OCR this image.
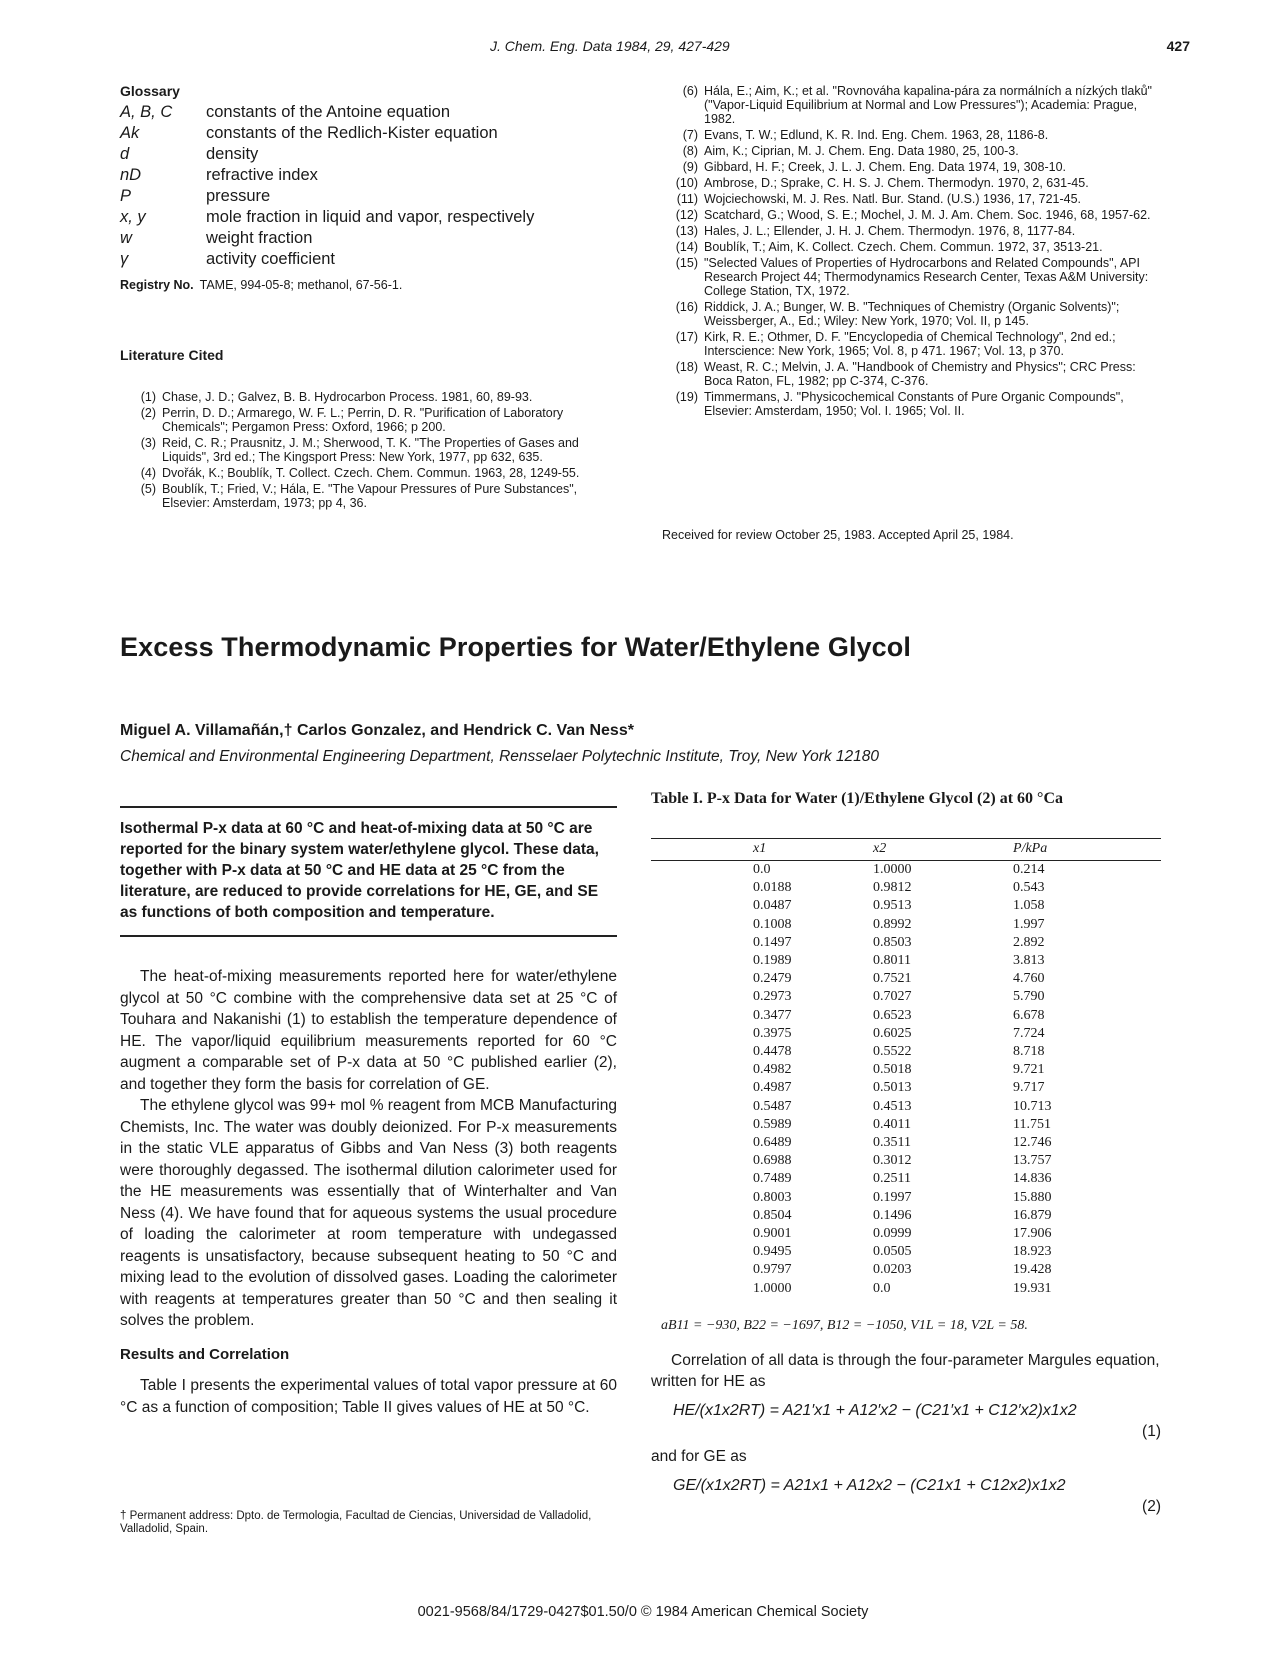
J. Chem. Eng. Data 1984, 29, 427-429	427
Glossary
A, B, C	constants of the Antoine equation
Ak	constants of the Redlich-Kister equation
d	density
nD	refractive index
P	pressure
x, y	mole fraction in liquid and vapor, respectively
w	weight fraction
γ	activity coefficient
Registry No. TAME, 994-05-8; methanol, 67-56-1.
Literature Cited
(1) Chase, J. D.; Galvez, B. B. Hydrocarbon Process. 1981, 60, 89-93.
(2) Perrin, D. D.; Armarego, W. F. L.; Perrin, D. R. "Purification of Laboratory Chemicals"; Pergamon Press: Oxford, 1966; p 200.
(3) Reid, C. R.; Prausnitz, J. M.; Sherwood, T. K. "The Properties of Gases and Liquids", 3rd ed.; The Kingsport Press: New York, 1977, pp 632, 635.
(4) Dvořák, K.; Boublík, T. Collect. Czech. Chem. Commun. 1963, 28, 1249-55.
(5) Boublík, T.; Fried, V.; Hála, E. "The Vapour Pressures of Pure Substances", Elsevier: Amsterdam, 1973; pp 4, 36.
(6) Hála, E.; Aim, K.; et al. "Rovnováha kapalina-pára za normálních a nízkých tlaků" ("Vapor-Liquid Equilibrium at Normal and Low Pressures"); Academia: Prague, 1982.
(7) Evans, T. W.; Edlund, K. R. Ind. Eng. Chem. 1963, 28, 1186-8.
(8) Aim, K.; Ciprian, M. J. Chem. Eng. Data 1980, 25, 100-3.
(9) Gibbard, H. F.; Creek, J. L. J. Chem. Eng. Data 1974, 19, 308-10.
(10) Ambrose, D.; Sprake, C. H. S. J. Chem. Thermodyn. 1970, 2, 631-45.
(11) Wojciechowski, M. J. Res. Natl. Bur. Stand. (U.S.) 1936, 17, 721-45.
(12) Scatchard, G.; Wood, S. E.; Mochel, J. M. J. Am. Chem. Soc. 1946, 68, 1957-62.
(13) Hales, J. L.; Ellender, J. H. J. Chem. Thermodyn. 1976, 8, 1177-84.
(14) Boublík, T.; Aim, K. Collect. Czech. Chem. Commun. 1972, 37, 3513-21.
(15) "Selected Values of Properties of Hydrocarbons and Related Compounds", API Research Project 44; Thermodynamics Research Center, Texas A&M University: College Station, TX, 1972.
(16) Riddick, J. A.; Bunger, W. B. "Techniques of Chemistry (Organic Solvents)"; Weissberger, A., Ed.; Wiley: New York, 1970; Vol. II, p 145.
(17) Kirk, R. E.; Othmer, D. F. "Encyclopedia of Chemical Technology", 2nd ed.; Interscience: New York, 1965; Vol. 8, p 471. 1967; Vol. 13, p 370.
(18) Weast, R. C.; Melvin, J. A. "Handbook of Chemistry and Physics"; CRC Press: Boca Raton, FL, 1982; pp C-374, C-376.
(19) Timmermans, J. "Physicochemical Constants of Pure Organic Compounds", Elsevier: Amsterdam, 1950; Vol. I. 1965; Vol. II.
Received for review October 25, 1983. Accepted April 25, 1984.
Excess Thermodynamic Properties for Water/Ethylene Glycol
Miguel A. Villamañán,† Carlos Gonzalez, and Hendrick C. Van Ness*
Chemical and Environmental Engineering Department, Rensselaer Polytechnic Institute, Troy, New York 12180
Isothermal P-x data at 60 °C and heat-of-mixing data at 50 °C are reported for the binary system water/ethylene glycol. These data, together with P-x data at 50 °C and HE data at 25 °C from the literature, are reduced to provide correlations for HE, GE, and SE as functions of both composition and temperature.

The heat-of-mixing measurements reported here for water/ethylene glycol at 50 °C combine with the comprehensive data set at 25 °C of Touhara and Nakanishi (1) to establish the temperature dependence of HE. The vapor/liquid equilibrium measurements reported for 60 °C augment a comparable set of P-x data at 50 °C published earlier (2), and together they form the basis for correlation of GE.

The ethylene glycol was 99+ mol % reagent from MCB Manufacturing Chemists, Inc. The water was doubly deionized. For P-x measurements in the static VLE apparatus of Gibbs and Van Ness (3) both reagents were thoroughly degassed. The isothermal dilution calorimeter used for the HE measurements was essentially that of Winterhalter and Van Ness (4). We have found that for aqueous systems the usual procedure of loading the calorimeter at room temperature with undegassed reagents is unsatisfactory, because subsequent heating to 50 °C and mixing lead to the evolution of dissolved gases. Loading the calorimeter with reagents at temperatures greater than 50 °C and then sealing it solves the problem.

Results and Correlation

Table I presents the experimental values of total vapor pressure at 60 °C as a function of composition; Table II gives values of HE at 50 °C.

† Permanent address: Dpto. de Termologia, Facultad de Ciencias, Universidad de Valladolid, Valladolid, Spain.
Table I. P-x Data for Water (1)/Ethylene Glycol (2) at 60 °Ca
x1	x2	P/kPa
0.0	1.0000	0.214
0.0188	0.9812	0.543
0.0487	0.9513	1.058
0.1008	0.8992	1.997
0.1497	0.8503	2.892
0.1989	0.8011	3.813
0.2479	0.7521	4.760
0.2973	0.7027	5.790
0.3477	0.6523	6.678
0.3975	0.6025	7.724
0.4478	0.5522	8.718
0.4982	0.5018	9.721
0.4987	0.5013	9.717
0.5487	0.4513	10.713
0.5989	0.4011	11.751
0.6489	0.3511	12.746
0.6988	0.3012	13.757
0.7489	0.2511	14.836
0.8003	0.1997	15.880
0.8504	0.1496	16.879
0.9001	0.0999	17.906
0.9495	0.0505	18.923
0.9797	0.0203	19.428
1.0000	0.0	19.931
aB11 = −930, B22 = −1697, B12 = −1050, V1L = 18, V2L = 58.

Correlation of all data is through the four-parameter Margules equation, written for HE as

HE/(x1x2RT) = A21′x1 + A12′x2 − (C21′x1 + C12′x2)x1x2
(1)
and for GE as
GE/(x1x2RT) = A21x1 + A12x2 − (C21x1 + C12x2)x1x2
(2)
0021-9568/84/1729-0427$01.50/0 © 1984 American Chemical Society
